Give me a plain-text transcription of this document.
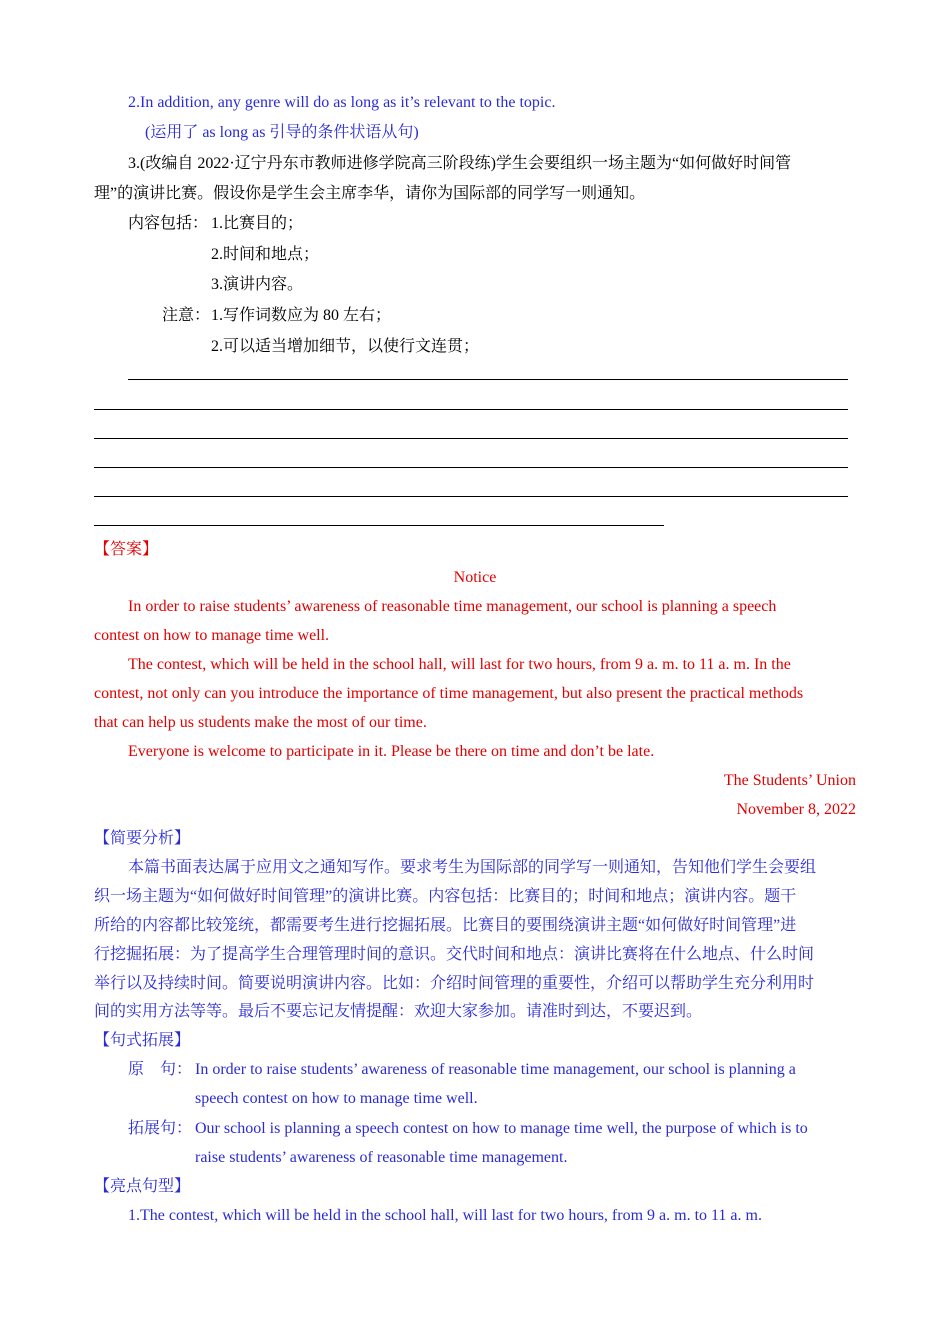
2.In addition, any genre will do as long as it’s relevant to the topic.
(运用了 as long as 引导的条件状语从句)
3.(改编自 2022·辽宁丹东市教师进修学院高三阶段练)学生会要组织一场主题为“如何做好时间管
理”的演讲比赛。假设你是学生会主席李华，请你为国际部的同学写一则通知。
内容包括： 1.比赛目的；
2.时间和地点；
3.演讲内容。
注意： 1.写作词数应为 80 左右；
2.可以适当增加细节，以使行文连贯；
【答案】
Notice
In order to raise students’ awareness of reasonable time management, our school is planning a speech
contest on how to manage time well.
The contest, which will be held in the school hall, will last for two hours, from 9 a. m. to 11 a. m. In the
contest, not only can you introduce the importance of time management, but also present the practical methods
that can help us students make the most of our time.
Everyone is welcome to participate in it. Please be there on time and don’t be late.
The Students’ Union
November 8, 2022
【简要分析】
本篇书面表达属于应用文之通知写作。要求考生为国际部的同学写一则通知，告知他们学生会要组
织一场主题为“如何做好时间管理”的演讲比赛。内容包括：比赛目的；时间和地点；演讲内容。题干
所给的内容都比较笼统，都需要考生进行挖掘拓展。比赛目的要围绕演讲主题“如何做好时间管理”进
行挖掘拓展：为了提高学生合理管理时间的意识。交代时间和地点：演讲比赛将在什么地点、什么时间
举行以及持续时间。简要说明演讲内容。比如：介绍时间管理的重要性，介绍可以帮助学生充分利用时
间的实用方法等等。最后不要忘记友情提醒：欢迎大家参加。请准时到达，不要迟到。
【句式拓展】
原　句： In order to raise students’ awareness of reasonable time management, our school is planning a
speech contest on how to manage time well.
拓展句： Our school is planning a speech contest on how to manage time well, the purpose of which is to
raise students’ awareness of reasonable time management.
【亮点句型】
1.The contest, which will be held in the school hall, will last for two hours, from 9 a. m. to 11 a. m.
